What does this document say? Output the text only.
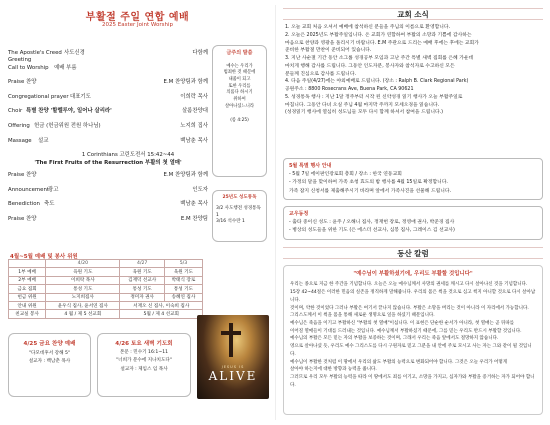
부활절 주일 연합 예배
2025 Easter Joint Worship
The Apostle's Creed 사도신경	다함께
Greeting
Call to Worship 예배 부름
Praise 찬양	E.M 찬양팀과 함께
Congregational prayer 대표기도	이희락 목사
Choir 특별 찬양 '할렐루야, 일어나 살리라'	살롬찬양대
Offering 헌금 (헌금위원 전원 하나님)	노지희 집사
Massage 설교	백남춘 목사
1 Corinthians 고린도전서 15:42~44
'The First Fruits of the Resurrection 부활의 첫 열매'
Praise 찬양	E.M 찬양팀과 함께
Announcement
광고	인도자
Benediction 축도	백남춘 목사
Praise 찬양	E.M 찬양팀
금주의 말씀
예수는 우리가
범죄한 것 때문에
내줌이 되고
또한 우리를
의롭다 하시기
위하여
살아나셨느니라
(롬 4:25)
25년도 성도통독
3/2 사도행전 성경통독 1
3/16 석수란 1
4월~5월 예배 및 봉사 위원
	4/20	4/27	5/3
1부 예배	육원 기도	육원 기도	육원 기도
2부 예배	이희락 목사	김재덕 선교사	박태식 장로
금요 집회	통성 기도	통성 기도	통성 기도
헌금 위원	노지희집사	정미자 권사	송혜연 집사
안내 위원	윤우식 집사, 윤서연 집사	서재오 신 집사, 이숙희 집사	
친교실 봉사	4 월 / 제 5 선교회	5월 / 제 4 선교회	
4/25 금요 찬양 예배
"다모데후서 강해 5"
설교자 : 백남춘 목사
4/26 토요 새벽 기도회
본문 : 민수기 16:1~11
"너희가 분수에 지나치도다"
설교자 : 제임스 임 목사	JESUS IS
ALIVE
교회 소식
1. 오늘 교회 처음 오셔서 예배에 참석하신 분들을 주님의 이름으로 환영합니다.
2. 오늘은 2025년도 부활주일입니다. 온 교회가 연합하여 부활의 소망과 기쁨에 감사하는
마음으로 찬양과 영광을 돌리시기 바랍니다. E.M 주관으로 드리는 예배 후에는 후에는 교회가
준비한 부활절 만찬이 준비되어 있습니다.
3. 지난 사순절 기간 동안 소그룹 성경공부 모임과 고난 주간 특별 새벽 집회를 은혜 가운데
마치게 행해 감사를 드립니다. 그동안 인도자분, 봉사자와 참석자로 수고하신 모든
분들께 진심으로 감사를 드립니다.
4. 다음 주일(4/27)에는 야외예배로 드립니다. (장소 : Ralph B. Clark Regional Park)
공원주소 : 8800 Rosecrans Ave, Buena Park, CA 90621
5. 성경통독 행사 : 지난 1달 정주부터 시작 된 신약성경 읽기 행사가 오늘 부활주일로
마칩니다. 그동안 다녀 오실 주님 4월 마지막 주까지 모세오경을 읽습니다.
(성경읽기 행사에 열심히 성도님들 모두 다시 함께 하셔서 참여을 드립니다.)
5월 특별 행사 안내
- 5월 7일 에이판인장로회 총회 / 장소 : 한국 연동교회
- 가정의 달을 맞이하여 가족 초청 효도의 밤 행사를 4월 15일로 확정합니다.
가족 잡지 신청서를 제출해주시기 바라며 앞에서 가족사진을 선물해 드립니다.
교우동정
- 출타 중이신 성도 : 윤주 / 오해니 집사, 정재헌 장로, 정영애 권사, 박준경 집사
- 병상의 성도들을 위한 기도 (은 에스더 선교사, 심봉 집사, 그레이스 김 선교사)
동산 칼럼
"예수님이 부활하셨기에, 우리도 부활할 것입니다"
우리는 종으로 지금 한 주간을 기념합니다. 오늘은 오늘 예수님께서 사망의 권세를 깨시고 다시 살아나신 것을 기념합니다.
15장 42~44절은 이러한 민음의 실존을 정직하게 말해줍니다. 우리의 몸은 썩을 것으로 심고 썩지 아니할 것으로 다시 살아납니다.
것이며, 약한 것이었다 그러나 부활은 여기서 끝나지 않습니다. 부활은 소망을 버리는 것이 아니라 이 자리에서 가능합니다.
그리스도께서 이 썩을 몸을 통해 새로운 생명으로 일을 하셨기 때문입니다.
예수님은 죽음을 이기고 부활하신 "부활의 첫 열매"이십니다. 이 표현은 단순한 순서가 아니라, 첫 열매는 곧 뒤따를
이어질 열매들이 기대를 드러내는 것입니다. 예수님께서 부활하셨기 때문에, 그를 믿는 우리도 반드시 부활할 것입니다.
예수님의 부활은 모든 믿는 자의 부활을 보증하는 것이며, 그래서 우리는 죽음 앞에서도 절망하지 않습니다.
영으로 살아나셨 듯, 우리도 예수 그리스도를 다시 구원자로 믿고 그분을 내 안에 주로 모시고 사는 자는 그와 같이 될 것입니다.
예수님이 부활한 것처럼 이 땅에서 우리의 삶도 부활의 능력으로 변화되어야 합니다. 그것은 오늘 우리가 어떻게
살아야 하는지에 대한 방향과 능력을 줍니다.
그러므로 우리 모두 부활의 능력을 따라 이 땅에서도 죄를 이기고, 소망을 가지고, 십자가와 부활을 증거하는 자가 되어야 합니다.
